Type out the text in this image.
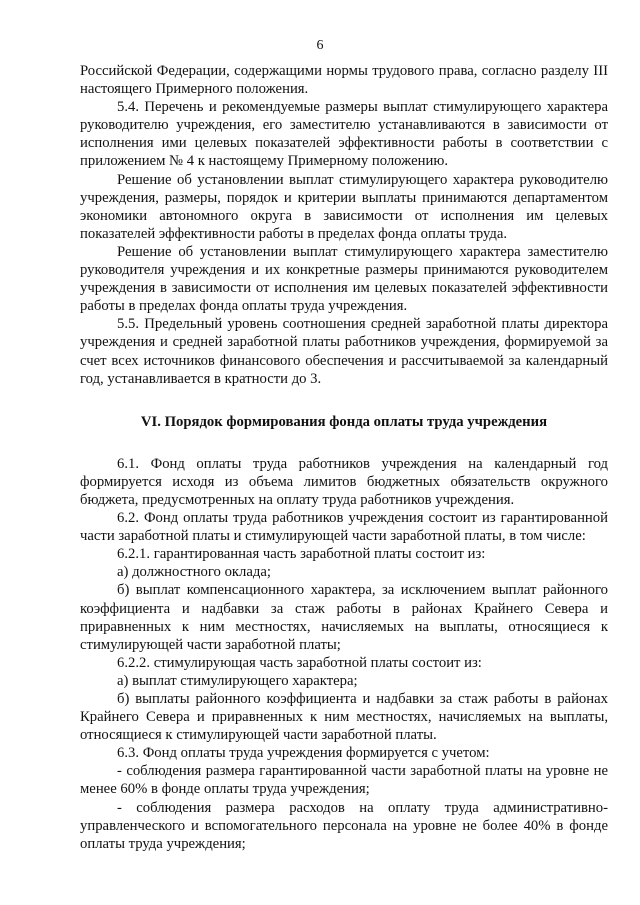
6

Российской Федерации, содержащими нормы трудового права, согласно разделу III настоящего Примерного положения.

5.4. Перечень и рекомендуемые размеры выплат стимулирующего характера руководителю учреждения, его заместителю устанавливаются в зависимости от исполнения ими целевых показателей эффективности работы в соответствии с приложением № 4 к настоящему Примерному положению.

Решение об установлении выплат стимулирующего характера руководителю учреждения, размеры, порядок и критерии выплаты принимаются департаментом экономики автономного округа в зависимости от исполнения им целевых показателей эффективности работы в пределах фонда оплаты труда.

Решение об установлении выплат стимулирующего характера заместителю руководителя учреждения и их конкретные размеры принимаются руководителем учреждения в зависимости от исполнения им целевых показателей эффективности работы в пределах фонда оплаты труда учреждения.

5.5. Предельный уровень соотношения средней заработной платы директора учреждения и средней заработной платы работников учреждения, формируемой за счет всех источников финансового обеспечения и рассчитываемой за календарный год, устанавливается в кратности до 3.

VI. Порядок формирования фонда оплаты труда учреждения

6.1. Фонд оплаты труда работников учреждения на календарный год формируется исходя из объема лимитов бюджетных обязательств окружного бюджета, предусмотренных на оплату труда работников учреждения.

6.2. Фонд оплаты труда работников учреждения состоит из гарантированной части заработной платы и стимулирующей части заработной платы, в том числе:

6.2.1. гарантированная часть заработной платы состоит из:

а) должностного оклада;

б) выплат компенсационного характера, за исключением выплат районного коэффициента и надбавки за стаж работы в районах Крайнего Севера и приравненных к ним местностях, начисляемых на выплаты, относящиеся к стимулирующей части заработной платы;

6.2.2. стимулирующая часть заработной платы состоит из:

а) выплат стимулирующего характера;

б) выплаты районного коэффициента и надбавки за стаж работы в районах Крайнего Севера и приравненных к ним местностях, начисляемых на выплаты, относящиеся к стимулирующей части заработной платы.

6.3. Фонд оплаты труда учреждения формируется с учетом:

- соблюдения размера гарантированной части заработной платы на уровне не менее 60% в фонде оплаты труда учреждения;

- соблюдения размера расходов на оплату труда административно-управленческого и вспомогательного персонала на уровне не более 40% в фонде оплаты труда учреждения;
